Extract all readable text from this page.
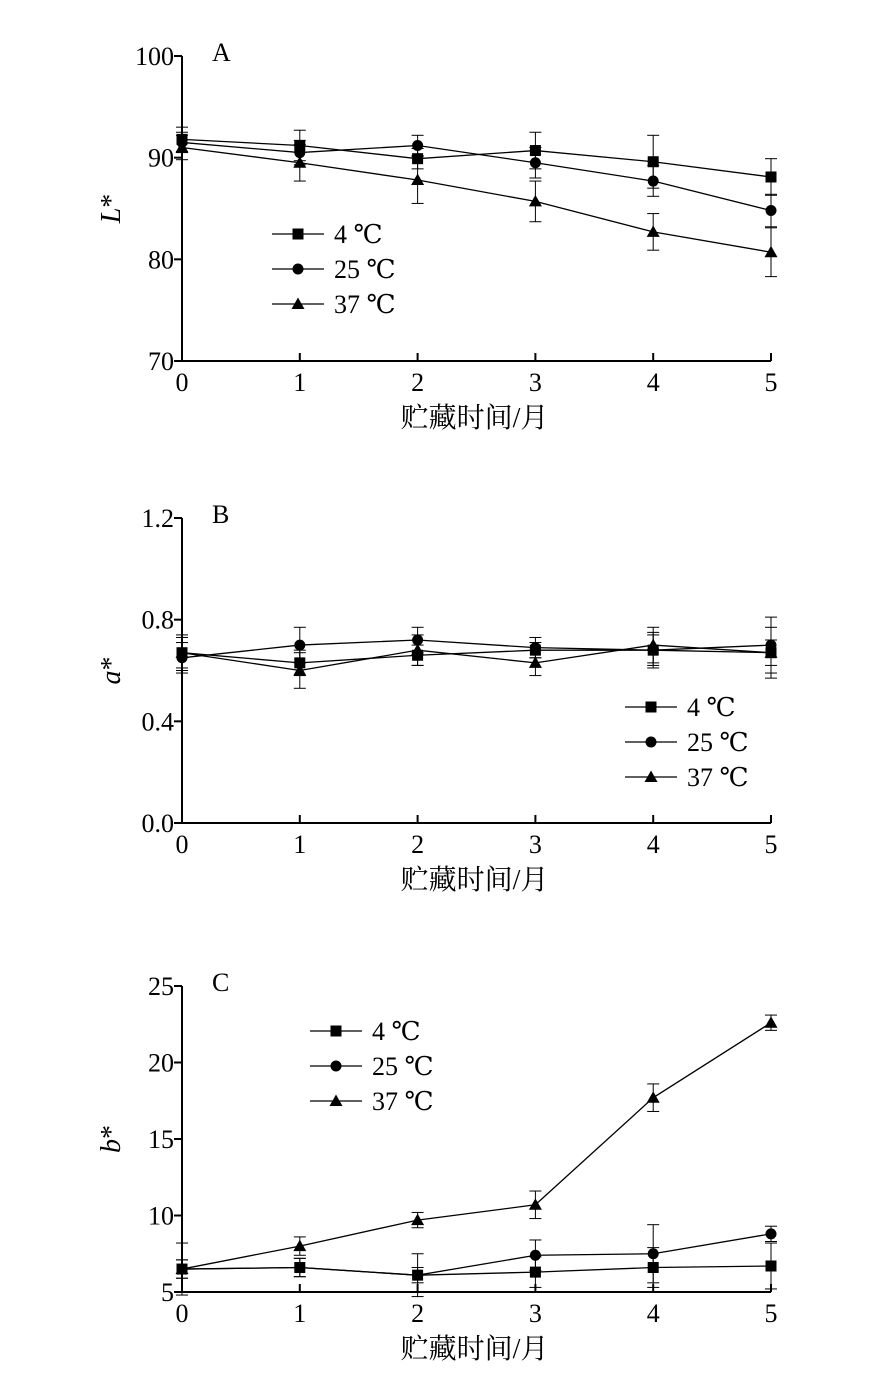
70
80
90
100
0	1	2	3	4	5
贮藏时间/月
L*
A
4 ℃
25 ℃
37 ℃
0.0
0.4
0.8
1.2
0	1	2	3	4	5
贮藏时间/月
a*
B
4 ℃
25 ℃
37 ℃
5
10
15
20
25
0	1	2	3	4	5
贮藏时间/月
b*
C
4 ℃
25 ℃
37 ℃
